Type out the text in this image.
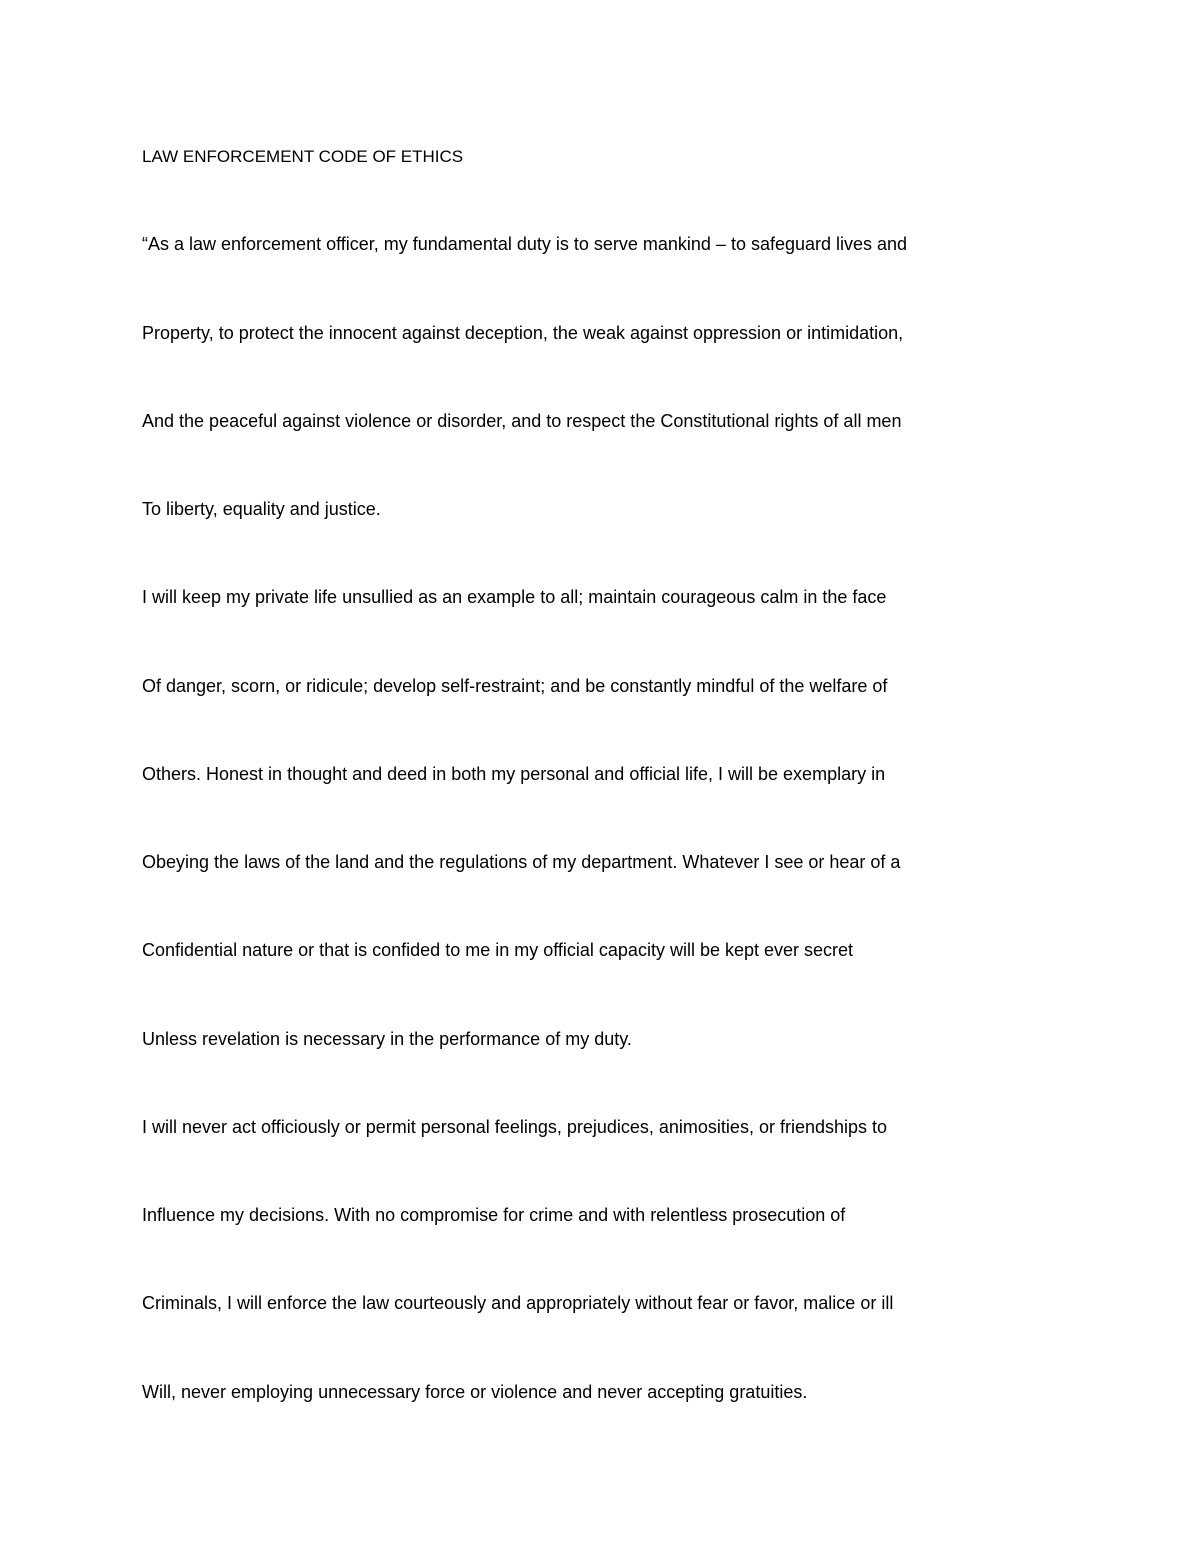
LAW ENFORCEMENT CODE OF ETHICS

“As a law enforcement officer, my fundamental duty is to serve mankind – to safeguard lives and

Property, to protect the innocent against deception, the weak against oppression or intimidation,

And the peaceful against violence or disorder, and to respect the Constitutional rights of all men

To liberty, equality and justice.

I will keep my private life unsullied as an example to all; maintain courageous calm in the face

Of danger, scorn, or ridicule; develop self-restraint; and be constantly mindful of the welfare of

Others. Honest in thought and deed in both my personal and official life, I will be exemplary in

Obeying the laws of the land and the regulations of my department. Whatever I see or hear of a

Confidential nature or that is confided to me in my official capacity will be kept ever secret

Unless revelation is necessary in the performance of my duty.

I will never act officiously or permit personal feelings, prejudices, animosities, or friendships to

Influence my decisions. With no compromise for crime and with relentless prosecution of

Criminals, I will enforce the law courteously and appropriately without fear or favor, malice or ill

Will, never employing unnecessary force or violence and never accepting gratuities.
